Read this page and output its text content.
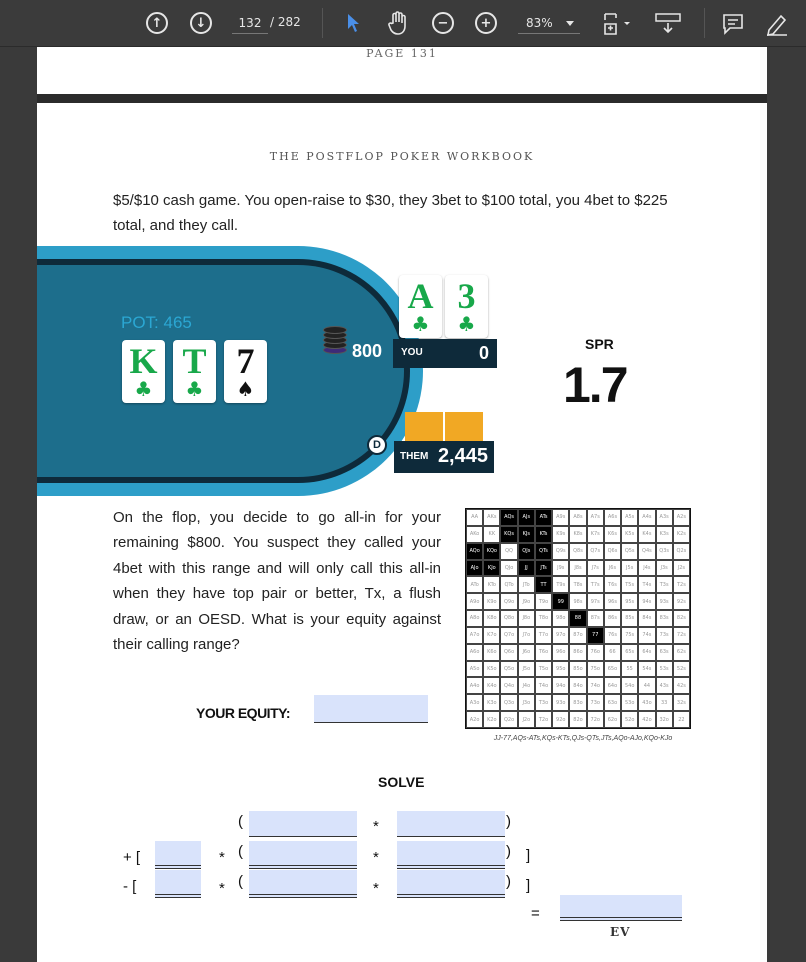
↑	↓	132 / 282	−	+	83%
PAGE 131
THE POSTFLOP POKER WORKBOOK
$5/$10 cash game. You open-raise to $30, they 3bet to $100 total, you 4bet to $225 total, and they call.
POT: 465
K
♣
T
♣
7
♠
800
A
♣
3
♣
YOU	0
D
THEM 2,445
SPR
1.7
On the flop, you decide to go all-in for your remaining $800. You suspect they called your 4bet with this range and will only call this all-in when they have top pair or better, Tx, a flush draw, or an OESD. What is your equity against their calling range?
AA	AKs	AQs	AJs	ATs	A9s	A8s	A7s	A6s	A5s	A4s	A3s	A2s
AKo	KK	KQs	KJs	KTs	K9s	K8s	K7s	K6s	K5s	K4s	K3s	K2s
AQo	KQo	QQ	QJs	QTs	Q9s	Q8s	Q7s	Q6s	Q5s	Q4s	Q3s	Q2s
AJo	KJo	QJo	JJ	JTs	J9s	J8s	J7s	J6s	J5s	J4s	J3s	J2s
ATo	KTo	QTo	JTo	TT	T9s	T8s	T7s	T6s	T5s	T4s	T3s	T2s
A9o	K9o	Q9o	J9o	T9o	99	98s	97s	96s	95s	94s	93s	92s
A8o	K8o	Q8o	J8o	T8o	98o	88	87s	86s	85s	84s	83s	82s
A7o	K7o	Q7o	J7o	T7o	97o	87o	77	76s	75s	74s	73s	72s
A6o	K6o	Q6o	J6o	T6o	96o	86o	76o	66	65s	64s	63s	62s
A5o	K5o	Q5o	J5o	T5o	95o	85o	75o	65o	55	54s	53s	52s
A4o	K4o	Q4o	J4o	T4o	94o	84o	74o	64o	54o	44	43s	42s
A3o	K3o	Q3o	J3o	T3o	93o	83o	73o	63o	53o	43o	33	32s
A2o	K2o	Q2o	J2o	T2o	92o	82o	72o	62o	52o	42o	32o	22
JJ-77,AQs-ATs,KQs-KTs,QJs-QTs,JTs,AQo-AJo,KQo-KJo
YOUR EQUITY:
SOLVE
(	*	)
+ [	* (	*	) ]
- [	* (	*	) ]
=
EV
